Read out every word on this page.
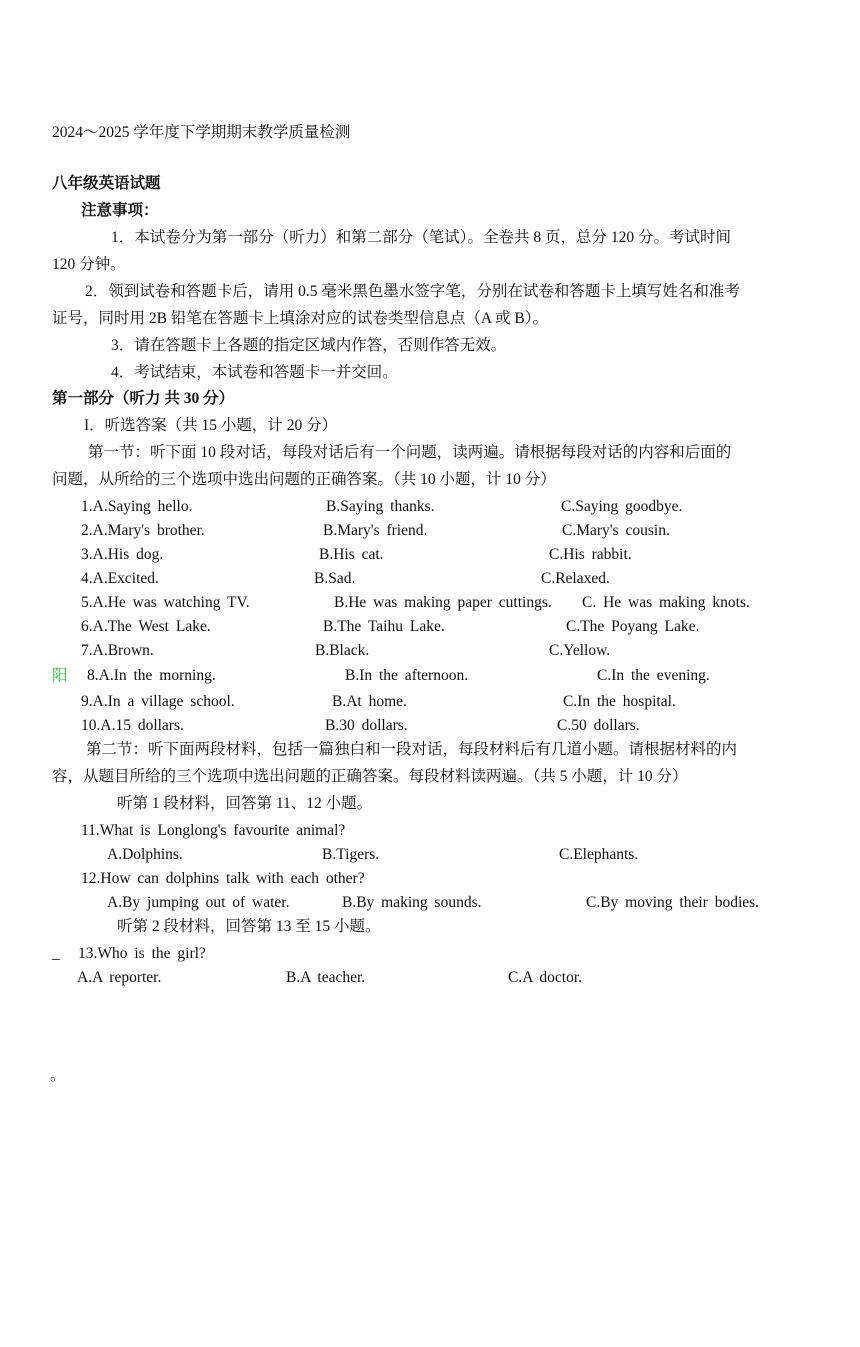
2024～2025 学年度下学期期末教学质量检测
八年级英语试题
注意事项：
1．本试卷分为第一部分（听力）和第二部分（笔试）。全卷共 8 页，总分 120 分。考试时间
120 分钟。
2．领到试卷和答题卡后，请用 0.5 毫米黑色墨水签字笔，分别在试卷和答题卡上填写姓名和准考
证号，同时用 2B 铅笔在答题卡上填涂对应的试卷类型信息点（A 或 B）。
3．请在答题卡上各题的指定区域内作答，否则作答无效。
4．考试结束，本试卷和答题卡一并交回。
第一部分（听力 共 30 分）
I．听选答案（共 15 小题，计 20 分）
第一节：听下面 10 段对话，每段对话后有一个问题，读两遍。请根据每段对话的内容和后面的
问题，从所给的三个选项中选出问题的正确答案。（共 10 小题，计 10 分）
1.A.Saying hello.	B.Saying thanks.	C.Saying goodbye.
2.A.Mary's brother.	B.Mary's friend.	C.Mary's cousin.
3.A.His dog.	B.His cat.	C.His rabbit.
4.A.Excited.	B.Sad.	C.Relaxed.
5.A.He was watching TV.	B.He was making paper cuttings. C. He was making knots.
6.A.The West Lake.	B.The Taihu Lake.	C.The Poyang Lake.
7.A.Brown.	B.Black.	C.Yellow.
阳 8.A.In the morning.	B.In the afternoon.	C.In the evening.
9.A.In a village school.	B.At home.	C.In the hospital.
10.A.15 dollars.	B.30 dollars.	C.50 dollars.
第二节：听下面两段材料，包括一篇独白和一段对话，每段材料后有几道小题。请根据材料的内
容，从题目所给的三个选项中选出问题的正确答案。每段材料读两遍。（共 5 小题，计 10 分）
听第 1 段材料，回答第 11、12 小题。
11.What is Longlong's favourite animal?
A.Dolphins.	B.Tigers.	C.Elephants.
12.How can dolphins talk with each other?
A.By jumping out of water.	B.By making sounds.	C.By moving their bodies.
听第 2 段材料，回答第 13 至 15 小题。
_ 13.Who is the girl?
A.A reporter.	B.A teacher.	C.A doctor.
。
